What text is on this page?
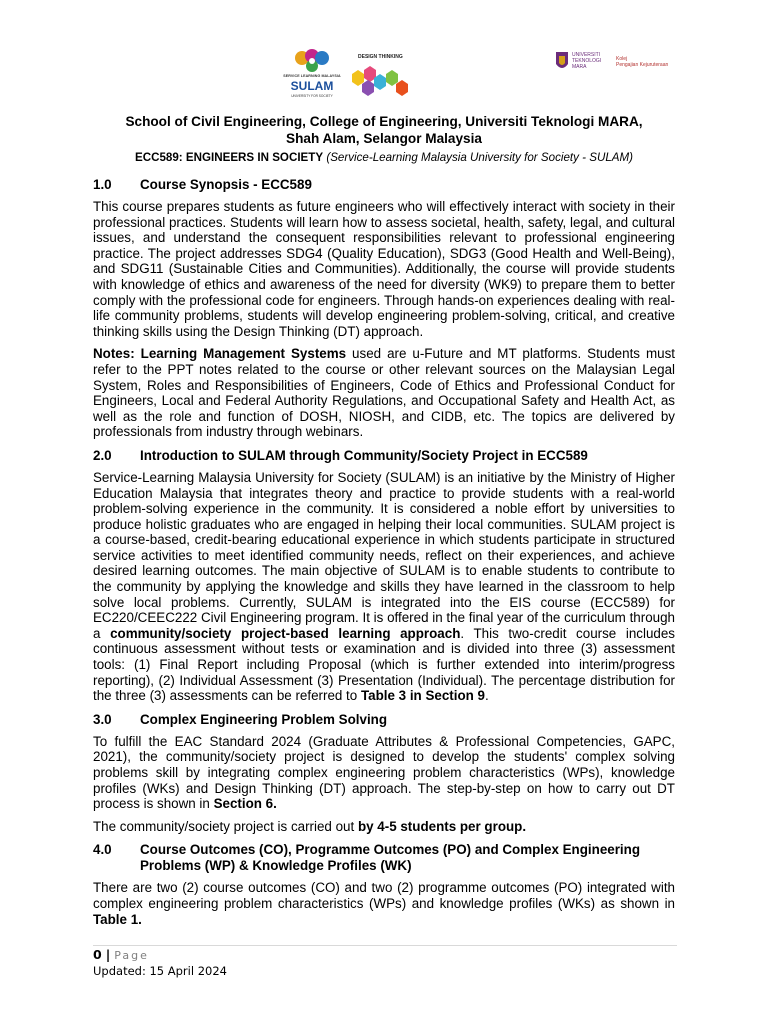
SERVICE LEARNING MALAYSIA
SULAM
UNIVERSITY FOR SOCIETY
DESIGN THINKING	UNIVERSITI
TEKNOLOGI
MARA
Kolej
Pengajian Kejuruteraan

School of Civil Engineering, College of Engineering, Universiti Teknologi MARA,

Shah Alam, Selangor Malaysia

ECC589: ENGINEERS IN SOCIETY (Service-Learning Malaysia University for Society - SULAM)

1.0	Course Synopsis - ECC589

This course prepares students as future engineers who will effectively interact with society in their professional practices. Students will learn how to assess societal, health, safety, legal, and cultural issues, and understand the consequent responsibilities relevant to professional engineering practice. The project addresses SDG4 (Quality Education), SDG3 (Good Health and Well-Being), and SDG11 (Sustainable Cities and Communities). Additionally, the course will provide students with knowledge of ethics and awareness of the need for diversity (WK9) to prepare them to better comply with the professional code for engineers. Through hands-on experiences dealing with real-life community problems, students will develop engineering problem-solving, critical, and creative thinking skills using the Design Thinking (DT) approach.

Notes: Learning Management Systems used are u-Future and MT platforms. Students must refer to the PPT notes related to the course or other relevant sources on the Malaysian Legal System, Roles and Responsibilities of Engineers, Code of Ethics and Professional Conduct for Engineers, Local and Federal Authority Regulations, and Occupational Safety and Health Act, as well as the role and function of DOSH, NIOSH, and CIDB, etc. The topics are delivered by professionals from industry through webinars.

2.0	Introduction to SULAM through Community/Society Project in ECC589

Service-Learning Malaysia University for Society (SULAM) is an initiative by the Ministry of Higher Education Malaysia that integrates theory and practice to provide students with a real-world problem-solving experience in the community. It is considered a noble effort by universities to produce holistic graduates who are engaged in helping their local communities. SULAM project is a course-based, credit-bearing educational experience in which students participate in structured service activities to meet identified community needs, reflect on their experiences, and achieve desired learning outcomes. The main objective of SULAM is to enable students to contribute to the community by applying the knowledge and skills they have learned in the classroom to help solve local problems. Currently, SULAM is integrated into the EIS course (ECC589) for EC220/CEEC222 Civil Engineering program. It is offered in the final year of the curriculum through a community/society project-based learning approach. This two-credit course includes continuous assessment without tests or examination and is divided into three (3) assessment tools: (1) Final Report including Proposal (which is further extended into interim/progress reporting), (2) Individual Assessment (3) Presentation (Individual). The percentage distribution for the three (3) assessments can be referred to Table 3 in Section 9.

3.0	Complex Engineering Problem Solving

To fulfill the EAC Standard 2024 (Graduate Attributes & Professional Competencies, GAPC, 2021), the community/society project is designed to develop the students' complex solving problems skill by integrating complex engineering problem characteristics (WPs), knowledge profiles (WKs) and Design Thinking (DT) approach. The step-by-step on how to carry out DT process is shown in Section 6.

The community/society project is carried out by 4-5 students per group.

4.0	Course Outcomes (CO), Programme Outcomes (PO) and Complex Engineering Problems (WP) & Knowledge Profiles (WK)

There are two (2) course outcomes (CO) and two (2) programme outcomes (PO) integrated with complex engineering problem characteristics (WPs) and knowledge profiles (WKs) as shown in Table 1.

0 | Page
Updated: 15 April 2024
